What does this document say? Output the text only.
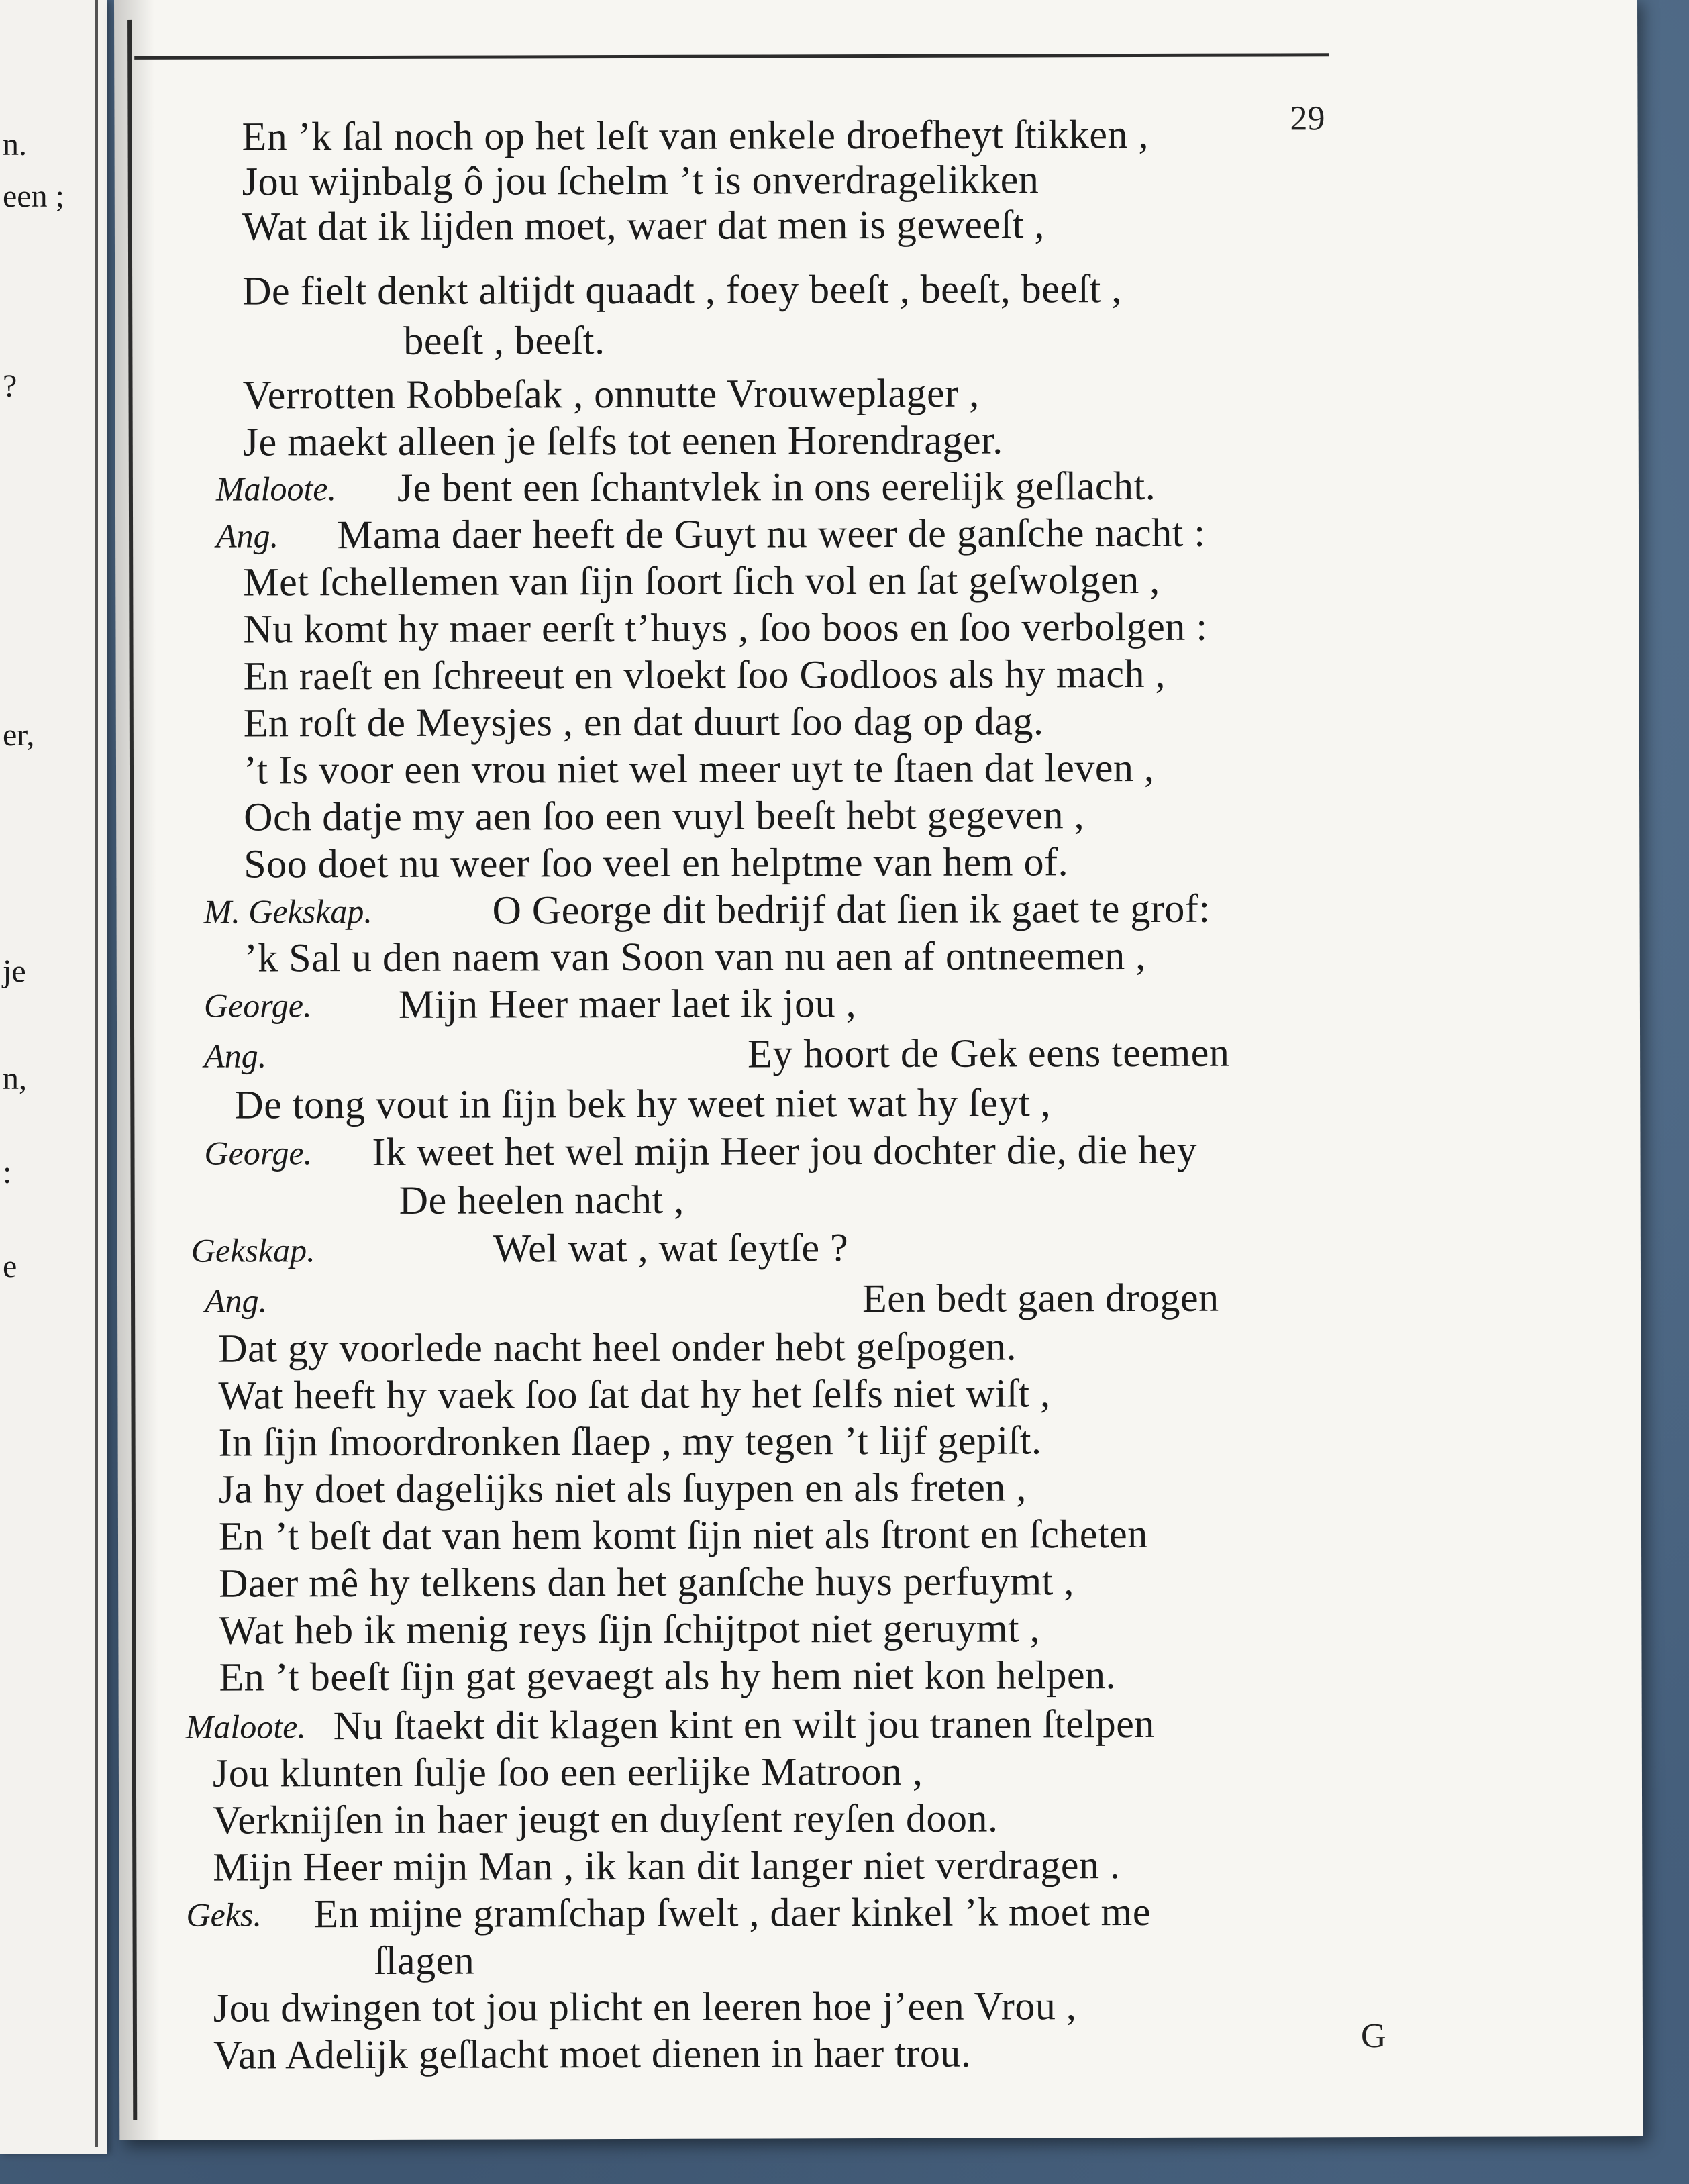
n.
een ;
?
er,
je
n,
:
e
29
En ’k ſal noch op het leſt van enkele droefheyt ſtikken ,
Jou wijnbalg ô jou ſchelm ’t is onverdragelikken
Wat dat ik lijden moet, waer dat men is geweeſt ,
De fielt denkt altijdt quaadt , foey beeſt , beeſt, beeſt ,
beeſt , beeſt.
Verrotten Robbeſak , onnutte Vrouweplager ,
Je maekt alleen je ſelfs tot eenen Horendrager.
Maloote. Je bent een ſchantvlek in ons eerelijk geſlacht.
Ang. Mama daer heeft de Guyt nu weer de ganſche nacht :
Met ſchellemen van ſijn ſoort ſich vol en ſat geſwolgen ,
Nu komt hy maer eerſt t’huys , ſoo boos en ſoo verbolgen :
En raeſt en ſchreeut en vloekt ſoo Godloos als hy mach ,
En roſt de Meysjes , en dat duurt ſoo dag op dag.
’t Is voor een vrou niet wel meer uyt te ſtaen dat leven ,
Och datje my aen ſoo een vuyl beeſt hebt gegeven ,
Soo doet nu weer ſoo veel en helptme van hem of.
M. Gekskap.	O George dit bedrijf dat ſien ik gaet te grof:
’k Sal u den naem van Soon van nu aen af ontneemen ,
George. Mijn Heer maer laet ik jou ,
Ang.	Ey hoort de Gek eens teemen
De tong vout in ſijn bek hy weet niet wat hy ſeyt ,
George. Ik weet het wel mijn Heer jou dochter die, die hey
De heelen nacht ,
Gekskap.	Wel wat , wat ſeytſe ?
Ang.	Een bedt gaen drogen
Dat gy voorlede nacht heel onder hebt geſpogen.
Wat heeft hy vaek ſoo ſat dat hy het ſelfs niet wiſt ,
In ſijn ſmoordronken ſlaep , my tegen ’t lijf gepiſt.
Ja hy doet dagelijks niet als ſuypen en als freten ,
En ’t beſt dat van hem komt ſijn niet als ſtront en ſcheten
Daer mê hy telkens dan het ganſche huys perfuymt ,
Wat heb ik menig reys ſijn ſchijtpot niet geruymt ,
En ’t beeſt ſijn gat gevaegt als hy hem niet kon helpen.
Maloote. Nu ſtaekt dit klagen kint en wilt jou tranen ſtelpen
Jou klunten ſulje ſoo een eerlijke Matroon ,
Verknijſen in haer jeugt en duyſent reyſen doon.
Mijn Heer mijn Man , ik kan dit langer niet verdragen .
Geks. En mijne gramſchap ſwelt , daer kinkel ’k moet me
ſlagen
Jou dwingen tot jou plicht en leeren hoe j’een Vrou ,
Van Adelijk geſlacht moet dienen in haer trou.	G
